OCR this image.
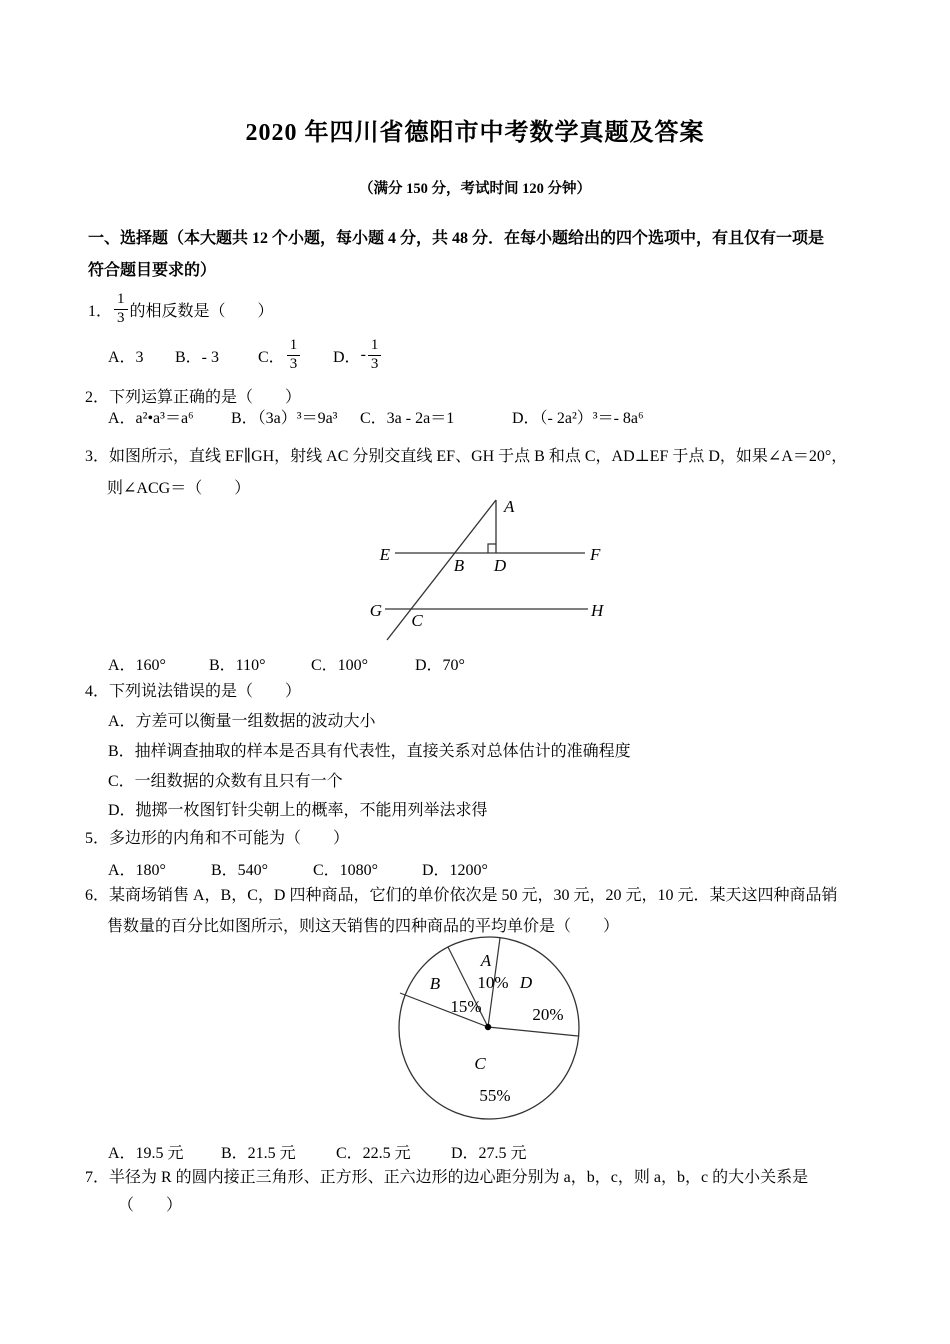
2020 年四川省德阳市中考数学真题及答案
（满分 150 分，考试时间 120 分钟）
一、选择题（本大题共 12 个小题，每小题 4 分，共 48 分．在每小题给出的四个选项中，有且仅有一项是
符合题目要求的）
1． $\frac{1}{3}$ 的相反数是（　　）
A．3 B．- 3 C． $\frac{1}{3}$ D． - $\frac{1}{3}$
2．下列运算正确的是（　　）
A．a²•a³＝a⁶ B．（3a）³＝9a³ C．3a - 2a＝1	D．（- 2a²）³＝- 8a⁶
3．如图所示，直线 EF∥GH，射线 AC 分别交直线 EF、GH 于点 B 和点 C，AD⊥EF 于点 D，如果∠A＝20°，
则∠ACG＝（　　）
A
E
B D
F
G
C
H
A．160°	B．110°	C．100°	D．70°
4．下列说法错误的是（　　）
A．方差可以衡量一组数据的波动大小
B．抽样调查抽取的样本是否具有代表性，直接关系对总体估计的准确程度
C．一组数据的众数有且只有一个
D．抛掷一枚图钉针尖朝上的概率，不能用列举法求得
5．多边形的内角和不可能为（　　）
A．180°	B．540°	C．1080°	D．1200°
6．某商场销售 A，B，C，D 四种商品，它们的单价依次是 50 元，30 元，20 元，10 元．某天这四种商品销
售数量的百分比如图所示，则这天销售的四种商品的平均单价是（　　）
A
10%
B
15%
D
20%
C
55%
A．19.5 元 B．21.5 元	C．22.5 元	D．27.5 元
7．半径为 R 的圆内接正三角形、正方形、正六边形的边心距分别为 a，b，c，则 a，b，c 的大小关系是
（　　）
